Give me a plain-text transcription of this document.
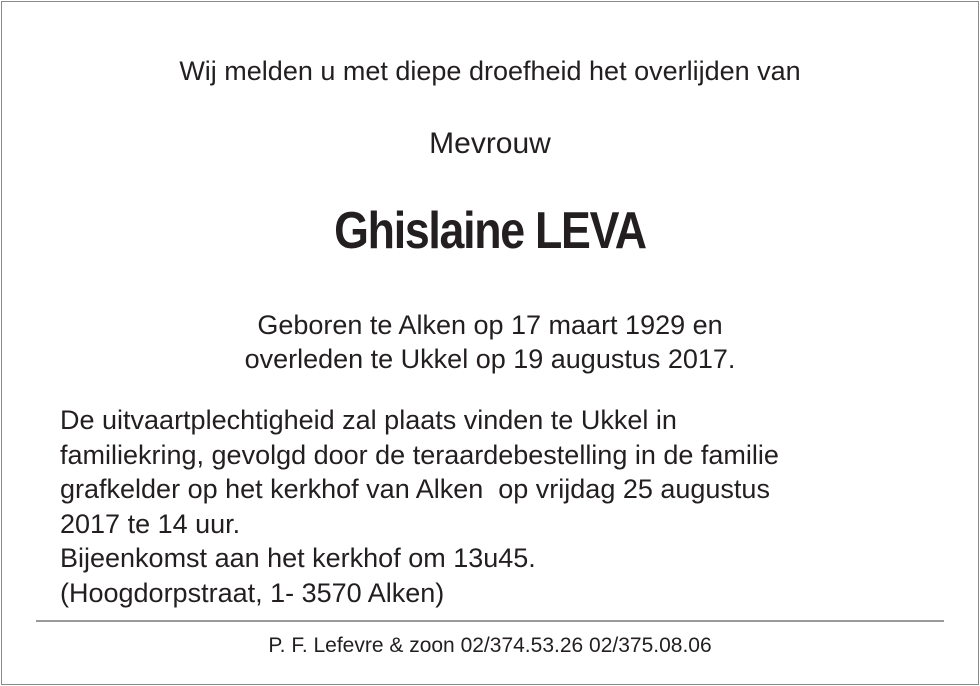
Wij melden u met diepe droefheid het overlijden van
Mevrouw
Ghislaine LEVA
Geboren te Alken op 17 maart 1929 en
overleden te Ukkel op 19 augustus 2017.
De uitvaartplechtigheid zal plaats vinden te Ukkel in
familiekring, gevolgd door de teraardebestelling in de familie
grafkelder op het kerkhof van Alken  op vrijdag 25 augustus
2017 te 14 uur.
Bijeenkomst aan het kerkhof om 13u45.
(Hoogdorpstraat, 1- 3570 Alken)
P. F. Lefevre & zoon 02/374.53.26 02/375.08.06
